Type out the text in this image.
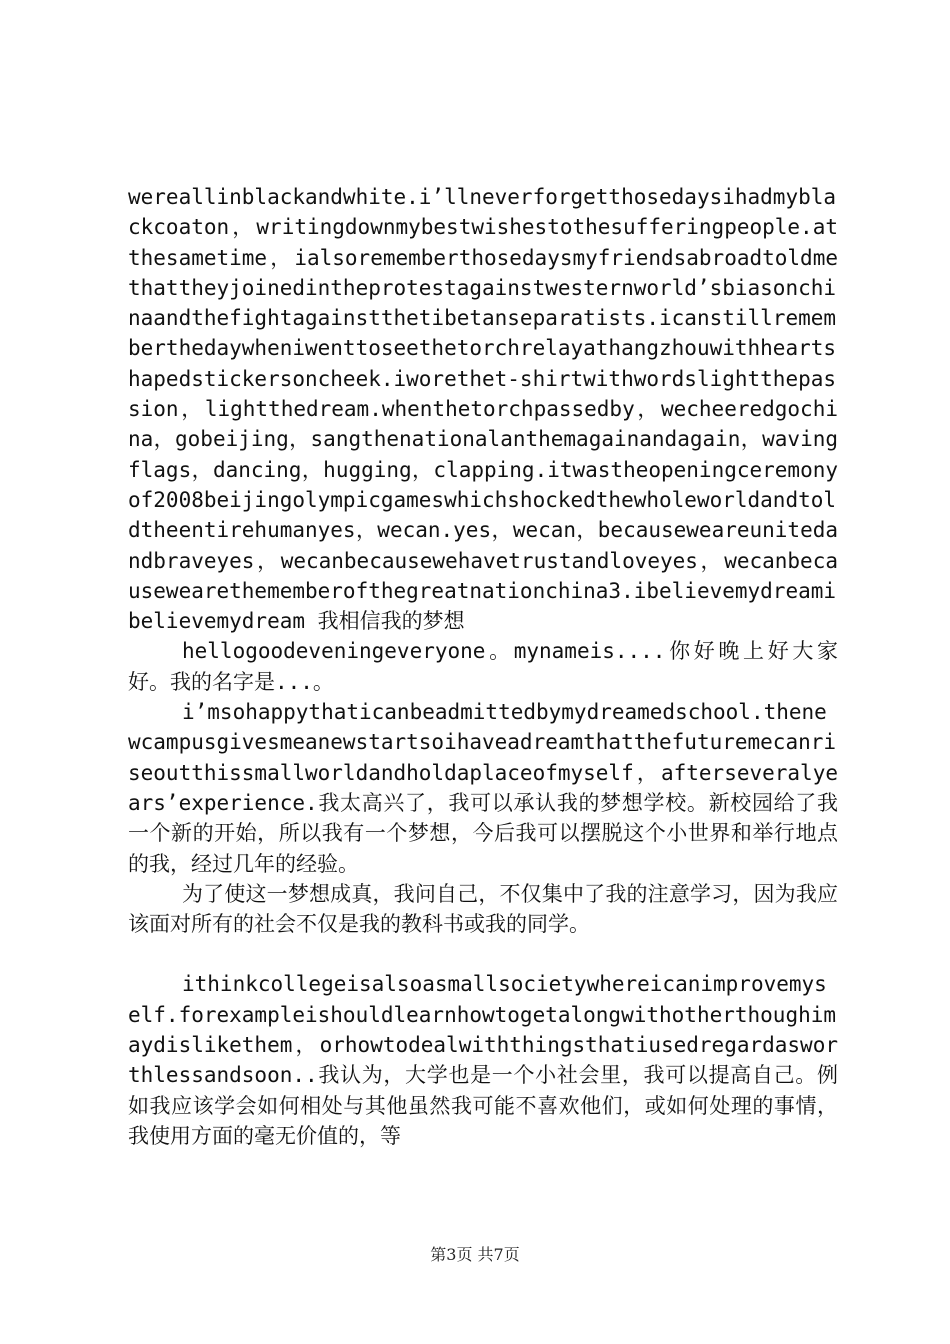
wereallinblackandwhite.i’llneverforgetthosedaysihadmyblackcoaton，writingdownmybestwishestothesufferingpeople.atthesametime，ialsorememberthosedaysmyfriendsabroadtoldmethattheyjoinedintheprotestagainstwesternworld’sbiasonchinaandthefightagainstthetibetanseparatists.icanstillrememberthedaywheniwenttoseethetorchrelayathangzhouwithheartshapedstickersoncheek.iworethet-shirtwithwordslightthepassion，lightthedream.whenthetorchpassedby，wecheeredgochina，gobeijing，sangthenationalanthemagainandagain，wavingflags，dancing，hugging，clapping.itwastheopeningceremonyof2008beijingolympicgameswhichshockedthewholeworldandtoldtheentirehumanyes，wecan.yes，wecan，becauseweareunitedandbraveyes，wecanbecausewehavetrustandloveyes，wecanbecausewearethememberofthegreatnationchina3.ibelievemydreamibelievemydream 我相信我的梦想

hellogoodeveningeveryone。mynameis....你好晚上好大家好。我的名字是...。

i’msohappythaticanbeadmittedbymydreamedschool.thenewcampusgivesmeanewstartsoihaveadreamthatthefuturemecanriseoutthissmallworldandholdaplaceofmyself，afterseveralyears’experience.我太高兴了，我可以承认我的梦想学校。新校园给了我一个新的开始，所以我有一个梦想，今后我可以摆脱这个小世界和举行地点的我，经过几年的经验。

为了使这一梦想成真，我问自己，不仅集中了我的注意学习，因为我应该面对所有的社会不仅是我的教科书或我的同学。

ithinkcollegeisalsoasmallsocietywhereicanimprovemyself.forexampleishouldlearnhowtogetalongwithotherthoughimaydislikethem，orhowtodealwiththingsthatiusedregardasworthlessandsoon..我认为，大学也是一个小社会里，我可以提高自己。例如我应该学会如何相处与其他虽然我可能不喜欢他们，或如何处理的事情，我使用方面的毫无价值的，等

第3页 共7页
